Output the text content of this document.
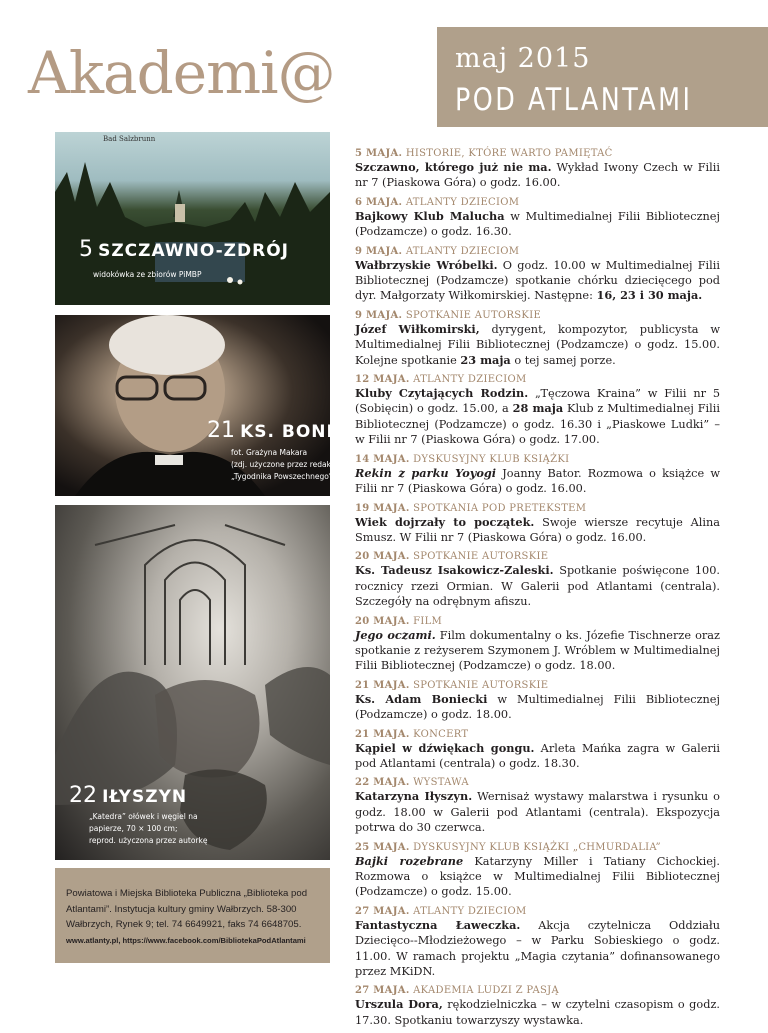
Akademi@	maj 2015
POD ATLANTAMI
Bad Salzbrunn
5 SZCZAWNO-ZDRÓJ
widokówka ze zbiorów PiMBP
21 KS. BONIECKI
fot. Grażyna Makara
(zdj. użyczone przez redakcję
„Tygodnika Powszechnego”)
22 IŁYSZYN
„Katedra” ołówek i węgiel na
papierze, 70 × 100 cm;
reprod. użyczona przez autorkę
Powiatowa i Miejska Biblioteka Publiczna „Biblioteka pod Atlantami”. Instytucja kultury gminy Wałbrzych. 58-300 Wałbrzych, Rynek 9; tel. 74 6649921, faks 74 6648705.
www.atlanty.pl, https://www.facebook.com/BibliotekaPodAtlantami
5 MAJA. HISTORIE, KTÓRE WARTO PAMIĘTAĆ

Szczawno, którego już nie ma. Wykład Iwony Czech w Filii nr 7 (Piaskowa Góra) o godz. 16.00.

6 MAJA. ATLANTY DZIECIOM

Bajkowy Klub Malucha w Multimedialnej Filii Bibliotecznej (Podzamcze) o godz. 16.30.

9 MAJA. ATLANTY DZIECIOM

Wałbrzyskie Wróbelki. O godz. 10.00 w Multimedialnej Filii Bibliotecznej (Podzamcze) spotkanie chórku dziecięcego pod dyr. Małgorzaty Wiłkomirskiej. Następne: 16, 23 i 30 maja.

9 MAJA. SPOTKANIE AUTORSKIE

Józef Wiłkomirski, dyrygent, kompozytor, publicysta w Multimedialnej Filii Bibliotecznej (Podzamcze) o godz. 15.00. Kolejne spotkanie 23 maja o tej samej porze.

12 MAJA. ATLANTY DZIECIOM

Kluby Czytających Rodzin. „Tęczowa Kraina” w Filii nr 5 (Sobięcin) o godz. 15.00, a 28 maja Klub z Multimedialnej Filii Bibliotecznej (Podzamcze) o godz. 16.30 i „Piaskowe Ludki” – w Filii nr 7 (Piaskowa Góra) o godz. 17.00.

14 MAJA. DYSKUSYJNY KLUB KSIĄŻKI

Rekin z parku Yoyogi Joanny Bator. Rozmowa o książce w Filii nr 7 (Piaskowa Góra) o godz. 16.00.

19 MAJA. SPOTKANIA POD PRETEKSTEM

Wiek dojrzały to początek. Swoje wiersze recytuje Alina Smusz. W Filii nr 7 (Piaskowa Góra) o godz. 16.00.

20 MAJA. SPOTKANIE AUTORSKIE

Ks. Tadeusz Isakowicz-Zaleski. Spotkanie poświęcone 100. rocznicy rzezi Ormian. W Galerii pod Atlantami (centrala). Szczegóły na odrębnym afiszu.

20 MAJA. FILM

Jego oczami. Film dokumentalny o ks. Józefie Tischnerze oraz spotkanie z reżyserem Szymonem J. Wróblem w Multimedialnej Filii Bibliotecznej (Podzamcze) o godz. 18.00.

21 MAJA. SPOTKANIE AUTORSKIE

Ks. Adam Boniecki w Multimedialnej Filii Bibliotecznej (Podzamcze) o godz. 18.00.

21 MAJA. KONCERT

Kąpiel w dźwiękach gongu. Arleta Mańka zagra w Galerii pod Atlantami (centrala) o godz. 18.30.

22 MAJA. WYSTAWA

Katarzyna Iłyszyn. Wernisaż wystawy malarstwa i rysunku o godz. 18.00 w Galerii pod Atlantami (centrala). Ekspozycja potrwa do 30 czerwca.

25 MAJA. DYSKUSYJNY KLUB KSIĄŻKI „CHMURDALIA”

Bajki rozebrane Katarzyny Miller i Tatiany Cichockiej. Rozmowa o książce w Multimedialnej Filii Bibliotecznej (Podzamcze) o godz. 15.00.

27 MAJA. ATLANTY DZIECIOM

Fantastyczna Ławeczka. Akcja czytelnicza Oddziału Dziecięco--Młodzieżowego – w Parku Sobieskiego o godz. 11.00. W ramach projektu „Magia czytania” dofinansowanego przez MKiDN.

27 MAJA. AKADEMIA LUDZI Z PASJĄ

Urszula Dora, rękodzielniczka – w czytelni czasopism o godz. 17.30. Spotkaniu towarzyszy wystawka.
